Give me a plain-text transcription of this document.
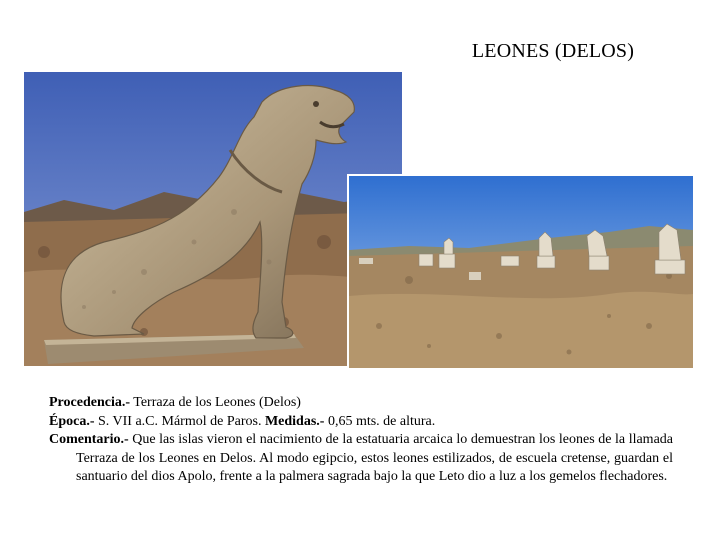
LEONES (DELOS)

Procedencia.- Terraza de los Leones (Delos)

Época.- S. VII a.C. Mármol de Paros. Medidas.- 0,65 mts. de altura.

Comentario.- Que las islas vieron el nacimiento de la estatuaria arcaica lo demuestran los leones de la llamada Terraza de los Leones en Delos. Al modo egipcio, estos leones estilizados, de escuela cretense, guardan el santuario del dios Apolo, frente a la palmera sagrada bajo la que Leto dio a luz a los gemelos flechadores.
